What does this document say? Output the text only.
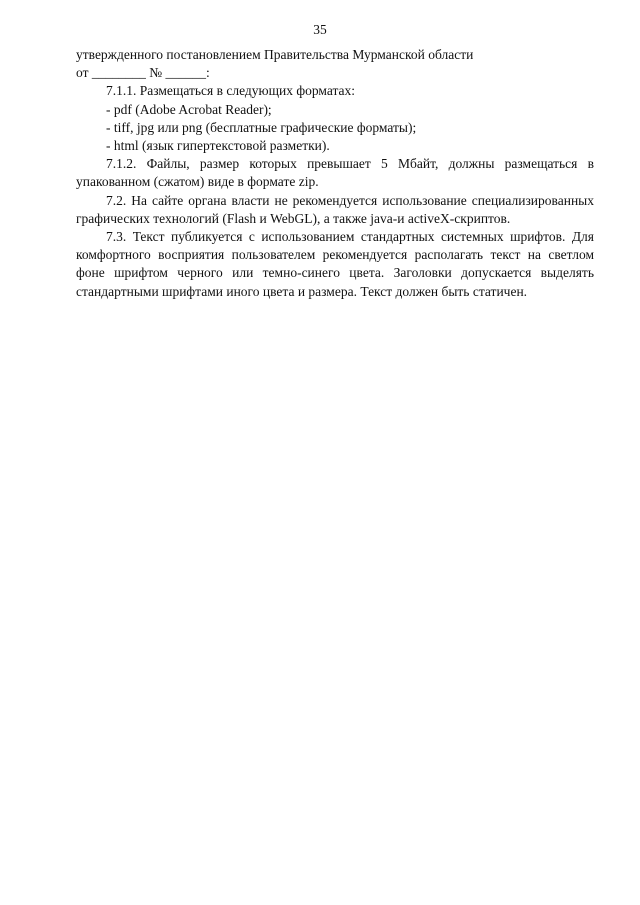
35

утвержденного постановлением Правительства Мурманской области

от ________ № ______:

7.1.1. Размещаться в следующих форматах:

- pdf (Adobe Acrobat Reader);

- tiff, jpg или png (бесплатные графические форматы);

- html (язык гипертекстовой разметки).

7.1.2. Файлы, размер которых превышает 5 Мбайт, должны размещаться в упакованном (сжатом) виде в формате zip.

7.2. На сайте органа власти не рекомендуется использование специализированных графических технологий (Flash и WebGL), а также java-и activeX-скриптов.

7.3. Текст публикуется с использованием стандартных системных шрифтов. Для комфортного восприятия пользователем рекомендуется располагать текст на светлом фоне шрифтом черного или темно-синего цвета. Заголовки допускается выделять стандартными шрифтами иного цвета и размера. Текст должен быть статичен.
